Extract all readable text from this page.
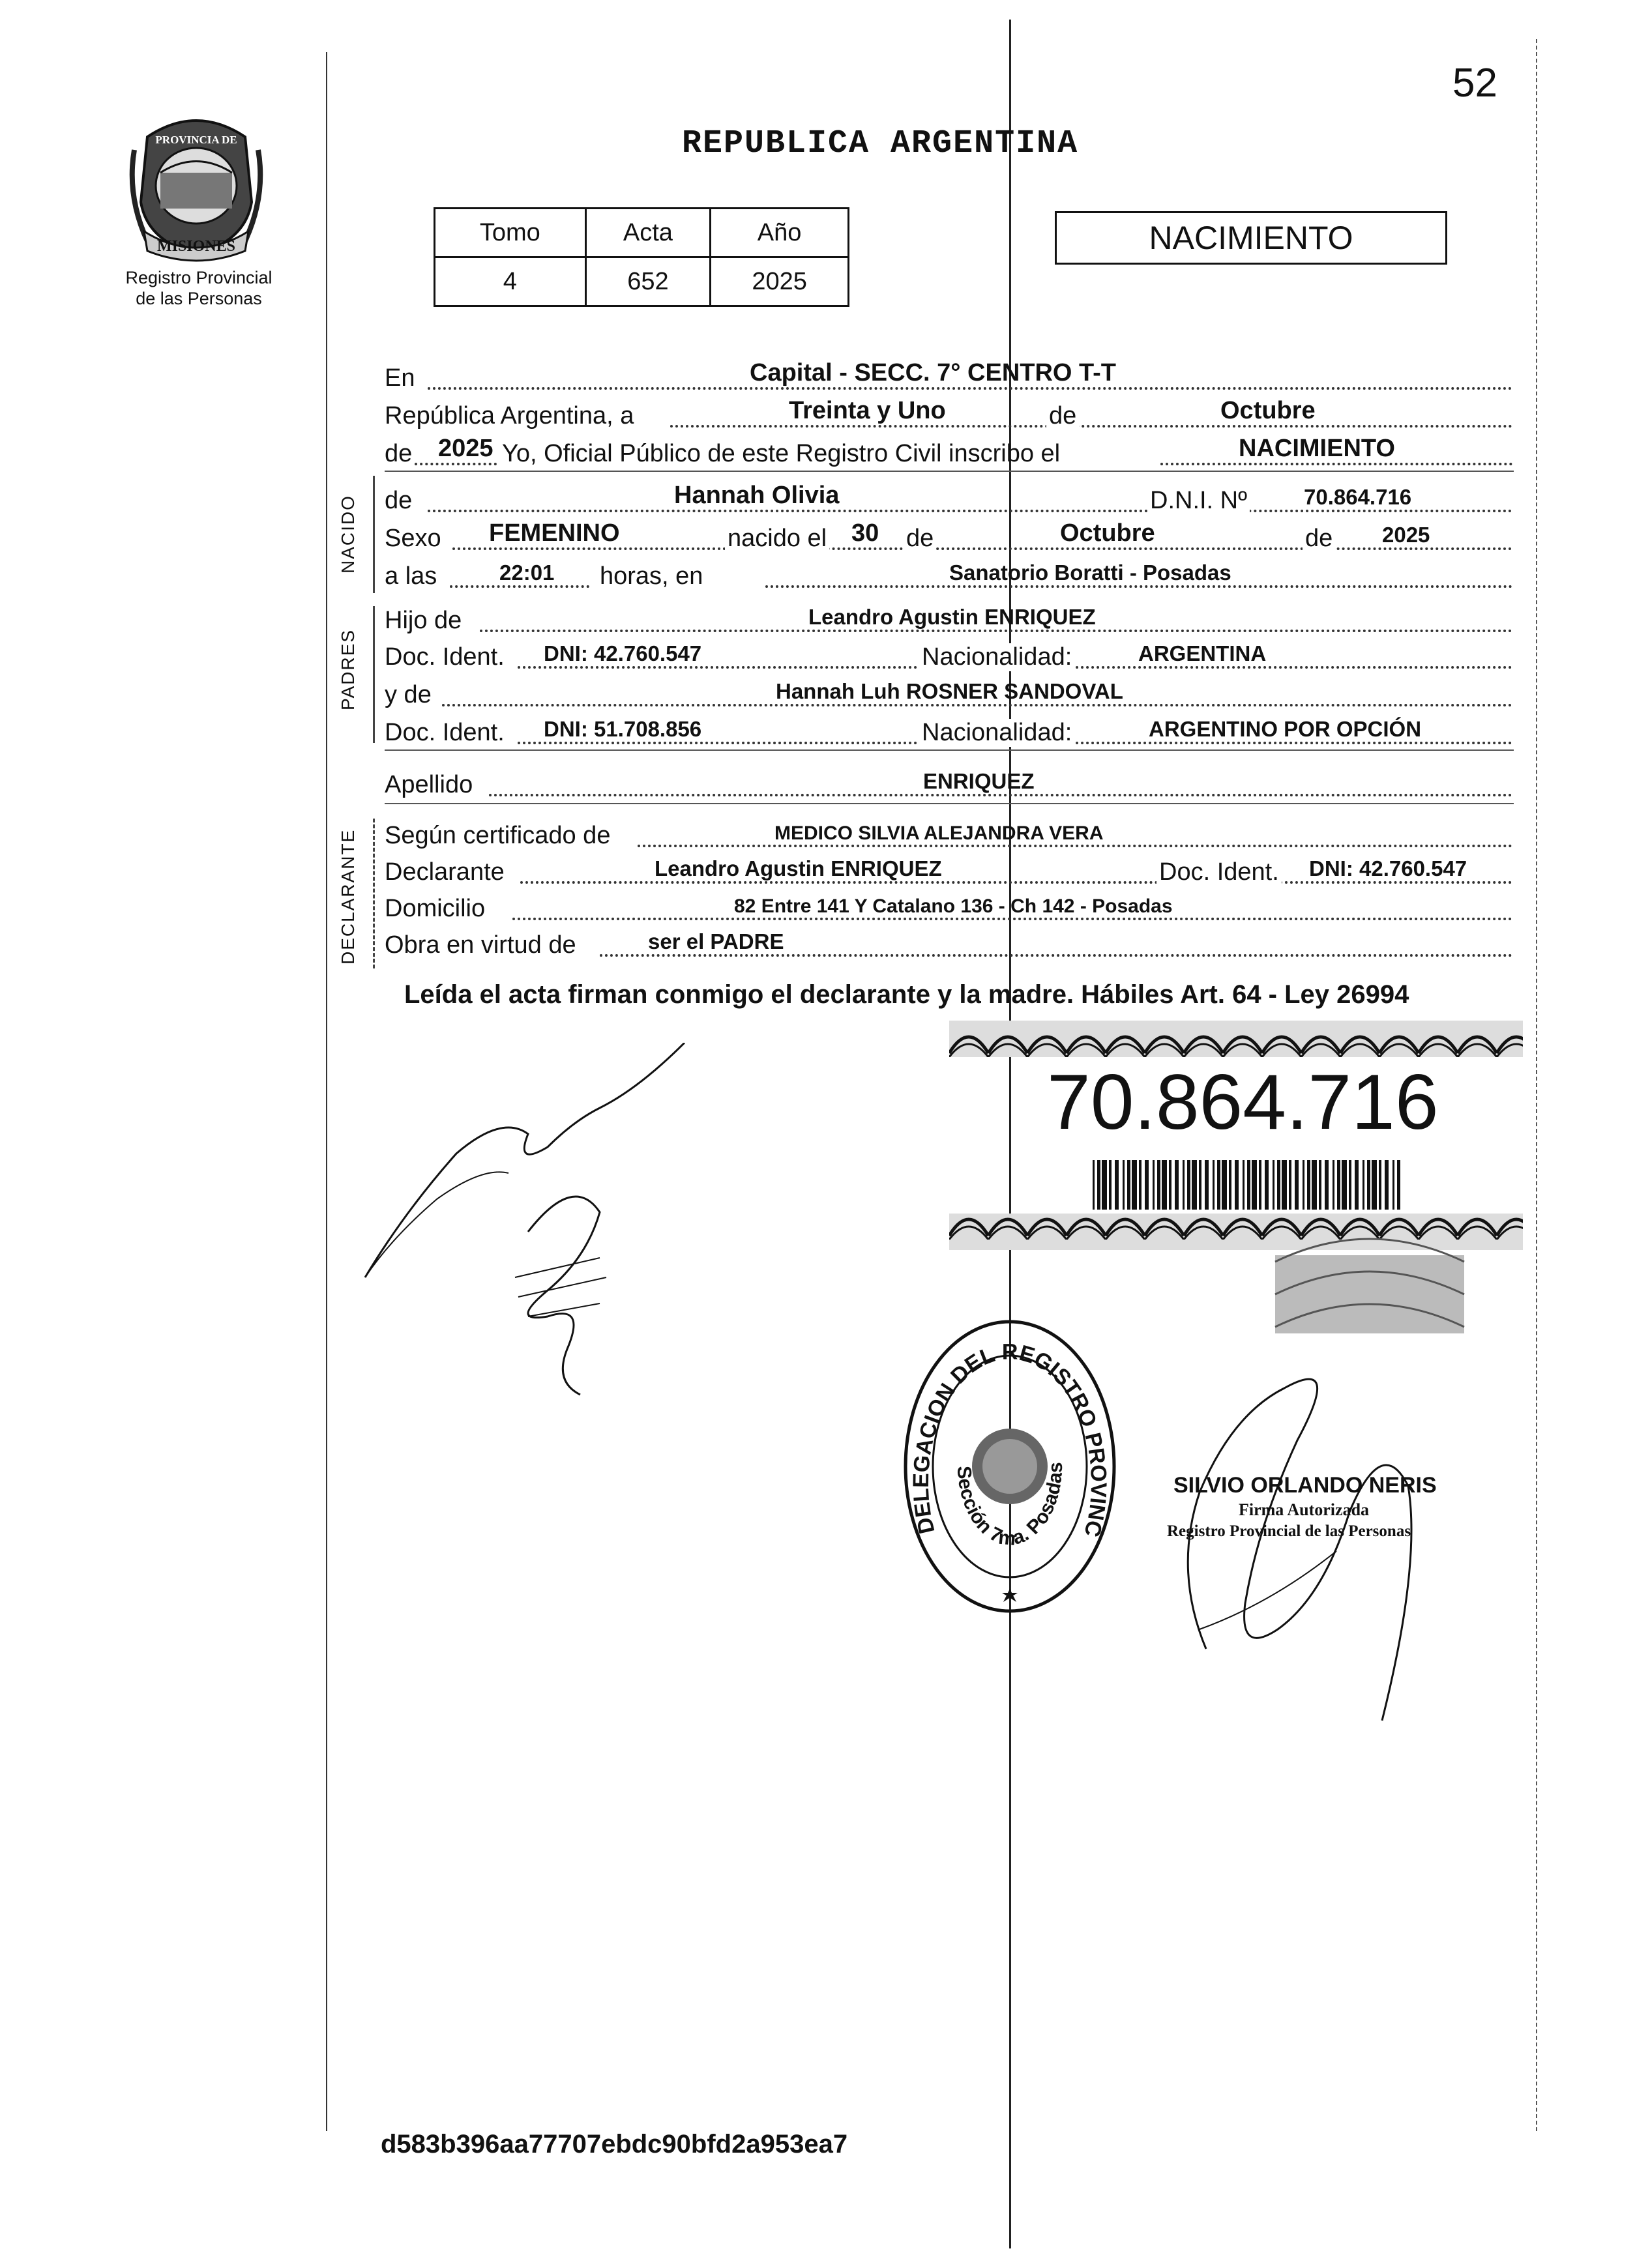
52
PROVINCIA DE
MISIONES
Registro Provincial
de las Personas
REPUBLICA ARGENTINA
Tomo	Acta	Año
4	652	2025
NACIMIENTO
En	Capital - SECC. 7° CENTRO T-T
República Argentina, a	Treinta y Uno	de	Octubre
de 2025 Yo, Oficial Público de este Registro Civil inscribo el	NACIMIENTO
NACIDO de	Hannah Olivia	D.N.I. Nº	70.864.716
Sexo FEMENINO	nacido el 30 de	Octubre	de 2025
a las	22:01 horas, en	Sanatorio Boratti - Posadas
PADRES
Hijo de	Leandro Agustin ENRIQUEZ
Doc. Ident. DNI: 42.760.547	Nacionalidad:	ARGENTINA
y de	Hannah Luh ROSNER SANDOVAL
Doc. Ident. DNI: 51.708.856	Nacionalidad:	ARGENTINO POR OPCIÓN
Apellido	ENRIQUEZ
DECLARANTE Según certificado de	MEDICO SILVIA ALEJANDRA VERA
Declarante	Leandro Agustin ENRIQUEZ	Doc. Ident. DNI: 42.760.547
Domicilio	82 Entre 141 Y Catalano 136 - Ch 142 - Posadas
Obra en virtud de	ser el PADRE
Leída el acta firman conmigo el declarante y la madre. Hábiles Art. 64 - Ley 26994
70.864.716
DELEGACION DEL REGISTRO PROVINC
Sección 7ma. Posadas
SILVIO ORLANDO NERIS
Firma Autorizada
Registro Provincial de las Personas
d583b396aa77707ebdc90bfd2a953ea7
